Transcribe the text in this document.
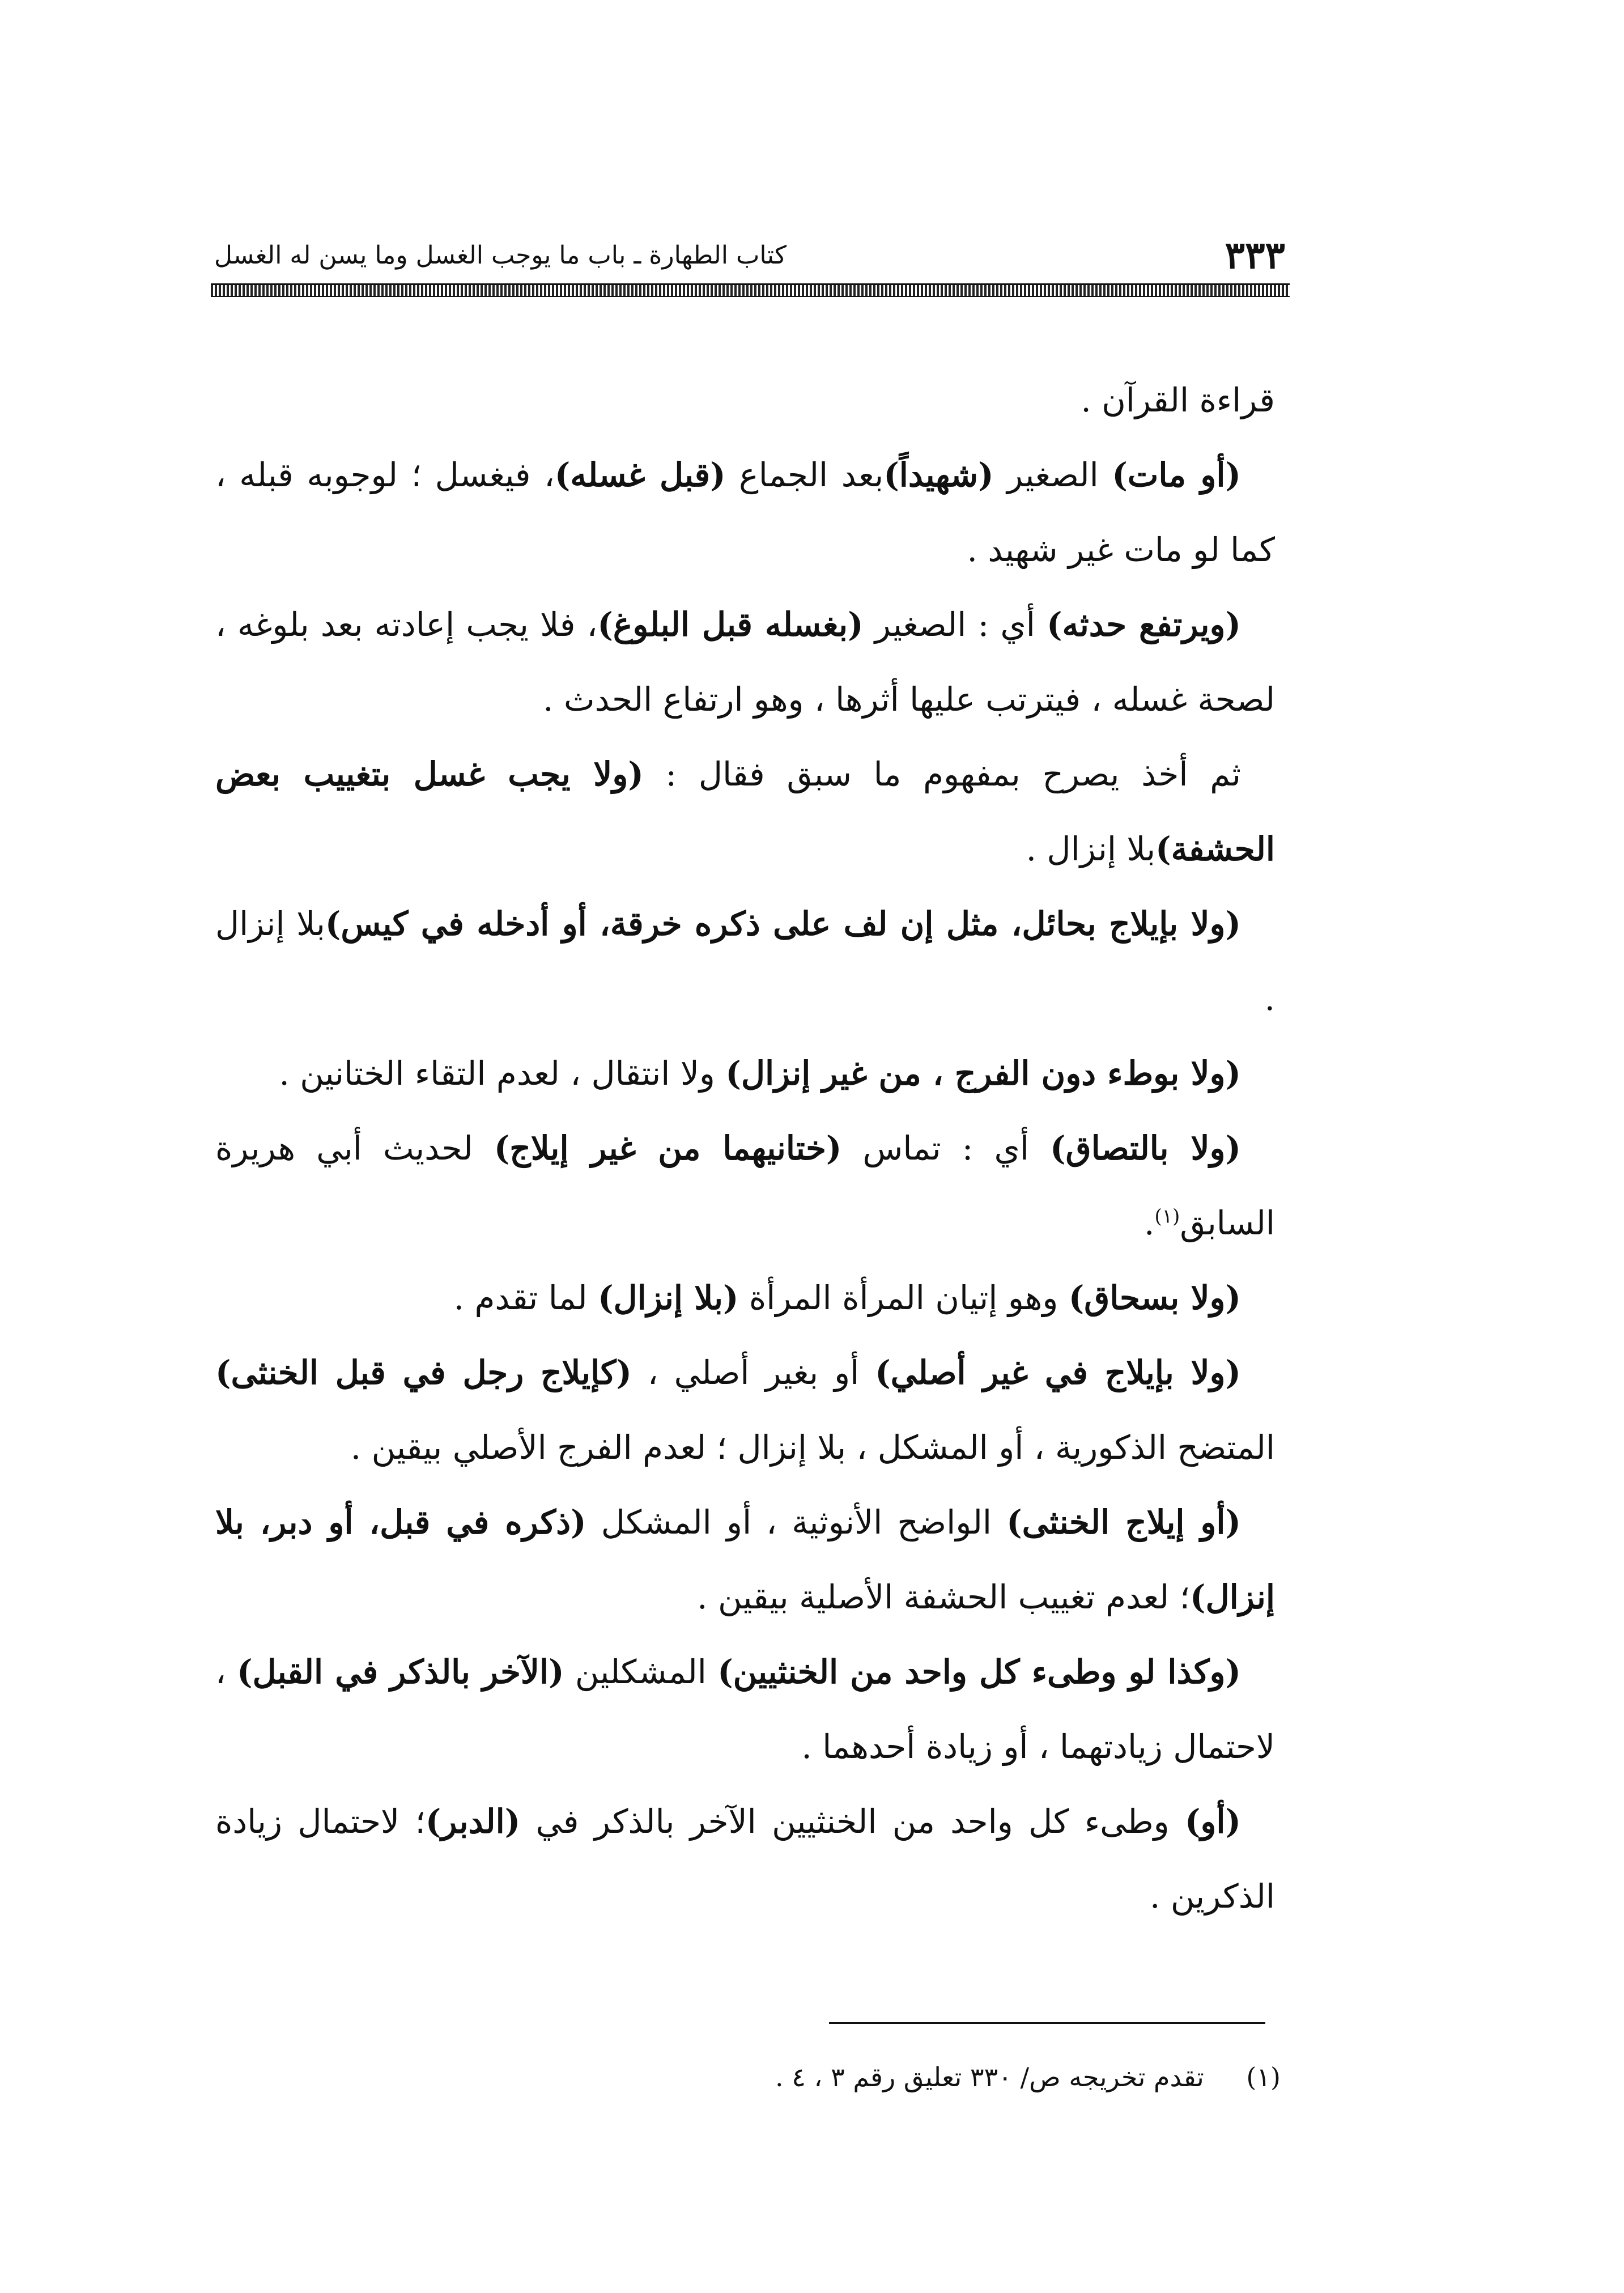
٣٣٣
كتاب الطهارة ـ باب ما يوجب الغسل وما يسن له الغسل

قراءة القرآن .

(أو مات) الصغير (شهيداً)بعد الجماع (قبل غسله)، فيغسل ؛ لوجوبه قبله ، كما لو مات غير شهيد .

(ويرتفع حدثه) أي : الصغير (بغسله قبل البلوغ)، فلا يجب إعادته بعد بلوغه ، لصحة غسله ، فيترتب عليها أثرها ، وهو ارتفاع الحدث .

ثم أخذ يصرح بمفهوم ما سبق فقال : (ولا يجب غسل بتغييب بعض الحشفة)بلا إنزال .

(ولا بإيلاج بحائل، مثل إن لف على ذكره خرقة، أو أدخله في كيس)بلا إنزال .

(ولا بوطء دون الفرج ، من غير إنزال) ولا انتقال ، لعدم التقاء الختانين .

(ولا بالتصاق) أي : تماس (ختانيهما من غير إيلاج) لحديث أبي هريرة السابق$^{(١)}$.

(ولا بسحاق) وهو إتيان المرأة المرأة (بلا إنزال) لما تقدم .

(ولا بإيلاج في غير أصلي) أو بغير أصلي ، (كإيلاج رجل في قبل الخنثى) المتضح الذكورية ، أو المشكل ، بلا إنزال ؛ لعدم الفرج الأصلي بيقين .

(أو إيلاج الخنثى) الواضح الأنوثية ، أو المشكل (ذكره في قبل، أو دبر، بلا إنزال)؛ لعدم تغييب الحشفة الأصلية بيقين .

(وكذا لو وطىء كل واحد من الخنثيين) المشكلين (الآخر بالذكر في القبل) ، لاحتمال زيادتهما ، أو زيادة أحدهما .

(أو) وطىء كل واحد من الخنثيين الآخر بالذكر في (الدبر)؛ لاحتمال زيادة الذكرين .

(١) تقدم تخريجه ص/ ٣٣٠ تعليق رقم ٣ ، ٤ .
